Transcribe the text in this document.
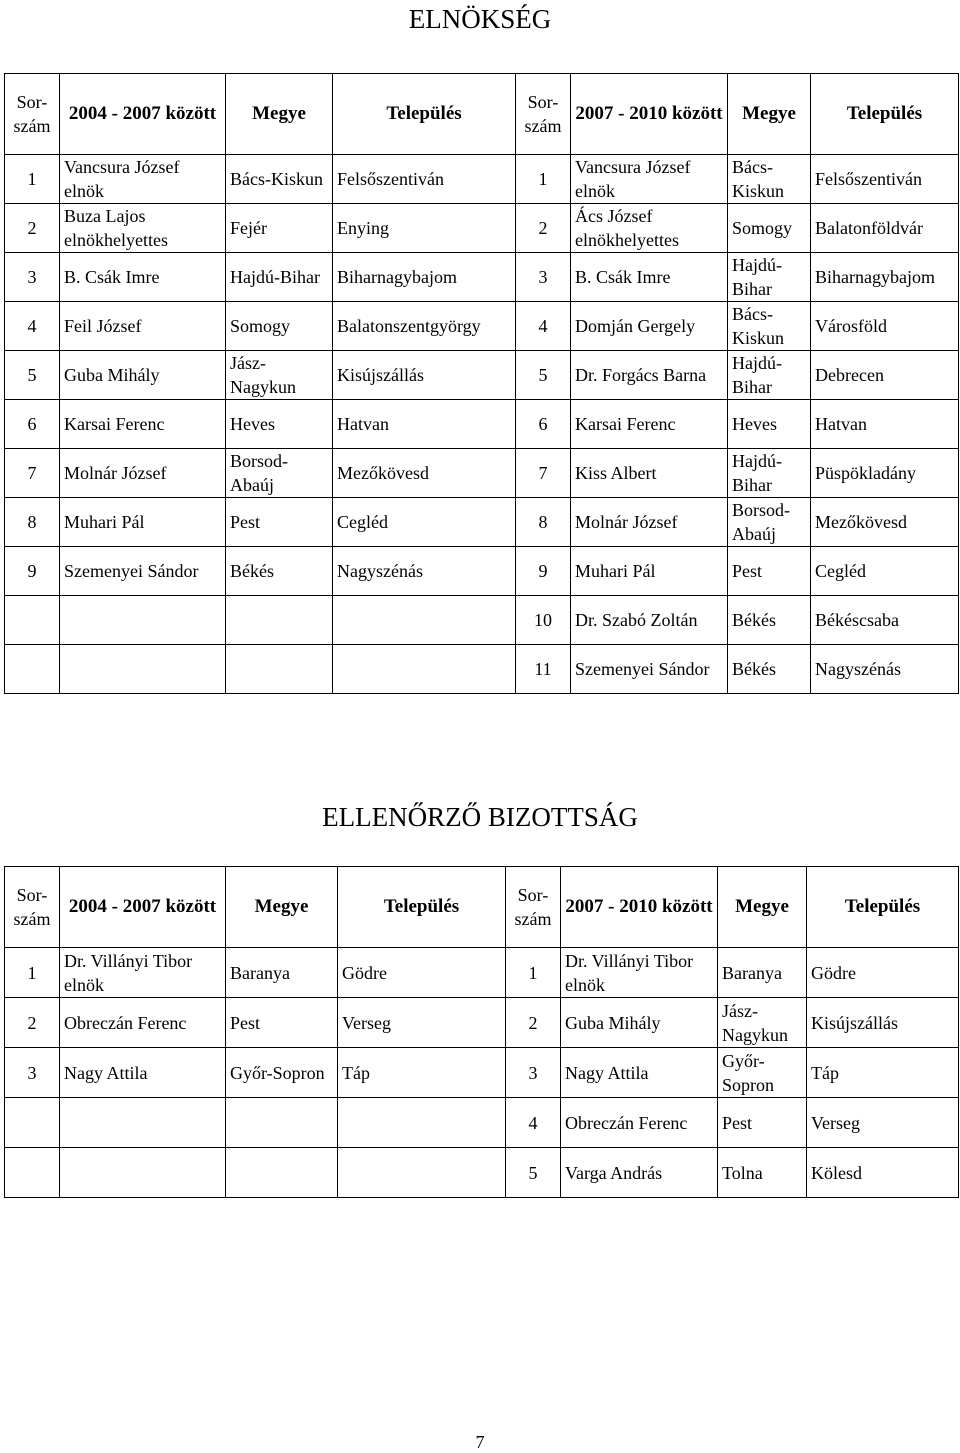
ELNÖKSÉG
Sor-szám	2004 - 2007 között	Megye	Település	Sor-szám	2007 - 2010 között	Megye	Település
1	Vancsura József elnök	Bács-Kiskun	Felsőszentiván	1	Vancsura József elnök	Bács-Kiskun	Felsőszentiván
2	Buza Lajos elnökhelyettes	Fejér	Enying	2	Ács József elnökhelyettes	Somogy	Balatonföldvár
3	B. Csák Imre	Hajdú-Bihar	Biharnagybajom	3	B. Csák Imre	Hajdú-Bihar	Biharnagybajom
4	Feil József	Somogy	Balatonszentgyörgy	4	Domján Gergely	Bács-Kiskun	Városföld
5	Guba Mihály	Jász-Nagykun	Kisújszállás	5	Dr. Forgács Barna	Hajdú-Bihar	Debrecen
6	Karsai Ferenc	Heves	Hatvan	6	Karsai Ferenc	Heves	Hatvan
7	Molnár József	Borsod-Abaúj	Mezőkövesd	7	Kiss Albert	Hajdú-Bihar	Püspökladány
8	Muhari Pál	Pest	Cegléd	8	Molnár József	Borsod-Abaúj	Mezőkövesd
9	Szemenyei Sándor	Békés	Nagyszénás	9	Muhari Pál	Pest	Cegléd
				10	Dr. Szabó Zoltán	Békés	Békéscsaba
				11	Szemenyei Sándor	Békés	Nagyszénás
ELLENŐRZŐ BIZOTTSÁG
Sor-szám	2004 - 2007 között	Megye	Település	Sor-szám	2007 - 2010 között	Megye	Település
1	Dr. Villányi Tibor elnök	Baranya	Gödre	1	Dr. Villányi Tibor elnök	Baranya	Gödre
2	Obreczán Ferenc	Pest	Verseg	2	Guba Mihály	Jász-Nagykun	Kisújszállás
3	Nagy Attila	Győr-Sopron	Táp	3	Nagy Attila	Győr-Sopron	Táp
				4	Obreczán Ferenc	Pest	Verseg
				5	Varga András	Tolna	Kölesd
7
